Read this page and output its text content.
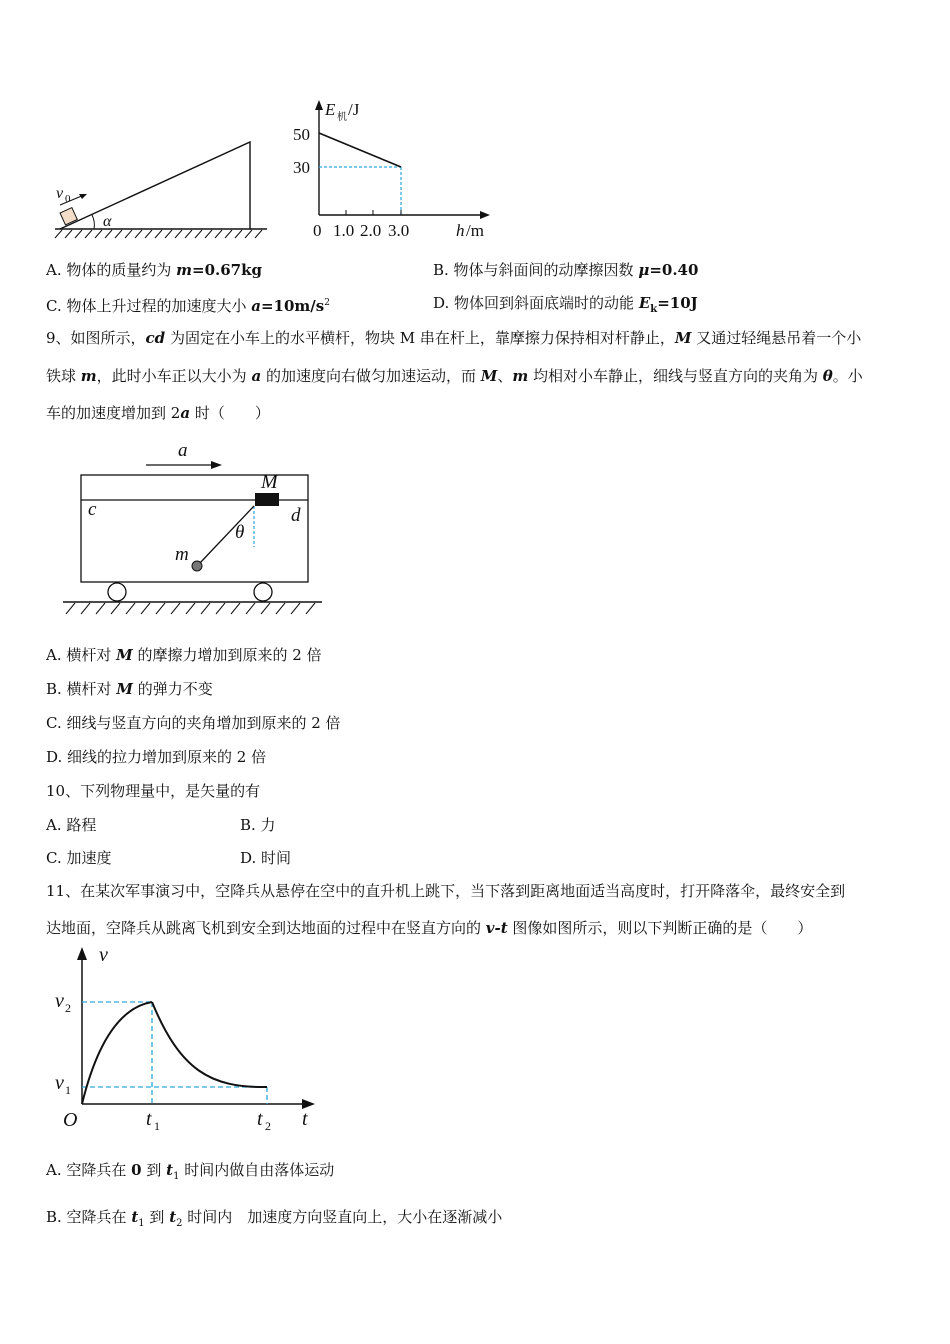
v 0
α
E 机 /J
50
30
0 1.0 2.0 3.0	h /m
A. 物体的质量约为 m=0.67kg	B. 物体与斜面间的动摩擦因数 μ=0.40
C. 物体上升过程的加速度大小 $a=10m/s^2$	D. 物体回到斜面底端时的动能 $E_k=10J$
9、如图所示，cd 为固定在小车上的水平横杆，物块 M 串在杆上，靠摩擦力保持相对杆静止，M 又通过轻绳悬吊着一个小
铁球 m，此时小车正以大小为 a 的加速度向右做匀加速运动，而 M、m 均相对小车静止，细线与竖直方向的夹角为 θ。小
车的加速度增加到 2a 时（　　）
a
M
c	d
m
θ
A. 横杆对 M 的摩擦力增加到原来的 2 倍
B. 横杆对 M 的弹力不变
C. 细线与竖直方向的夹角增加到原来的 2 倍
D. 细线的拉力增加到原来的 2 倍
10、下列物理量中，是矢量的有
A. 路程	B. 力
C. 加速度	D. 时间
11、在某次军事演习中，空降兵从悬停在空中的直升机上跳下，当下落到距离地面适当高度时，打开降落伞，最终安全到
达地面，空降兵从跳离飞机到安全到达地面的过程中在竖直方向的 v-t 图像如图所示，则以下判断正确的是（　　）
v
t
O
v 2
v 1
t 1	t 2
A. 空降兵在 0 到 $t_1$ 时间内做自由落体运动
B. 空降兵在 $t_1$ 到 $t_2$ 时间内　加速度方向竖直向上，大小在逐渐减小
